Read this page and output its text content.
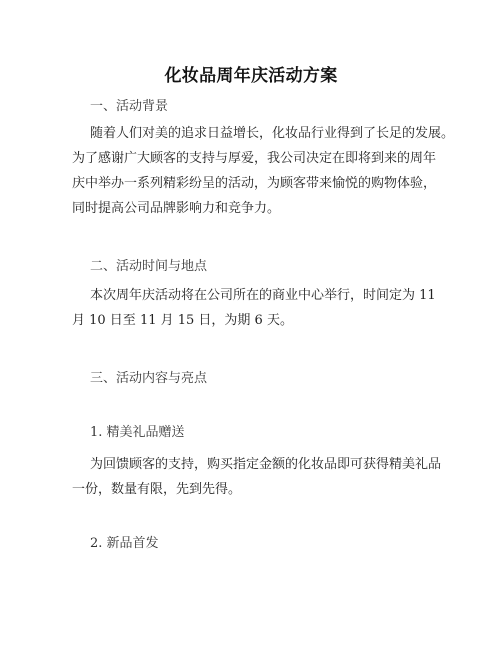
化妆品周年庆活动方案
一、活动背景
随着人们对美的追求日益增长，化妆品行业得到了长足的发展。
为了感谢广大顾客的支持与厚爱，我公司决定在即将到来的周年
庆中举办一系列精彩纷呈的活动，为顾客带来愉悦的购物体验，
同时提高公司品牌影响力和竞争力。
二、活动时间与地点
本次周年庆活动将在公司所在的商业中心举行，时间定为 11
月 10 日至 11 月 15 日，为期 6 天。
三、活动内容与亮点
1. 精美礼品赠送
为回馈顾客的支持，购买指定金额的化妆品即可获得精美礼品
一份，数量有限，先到先得。
2. 新品首发
